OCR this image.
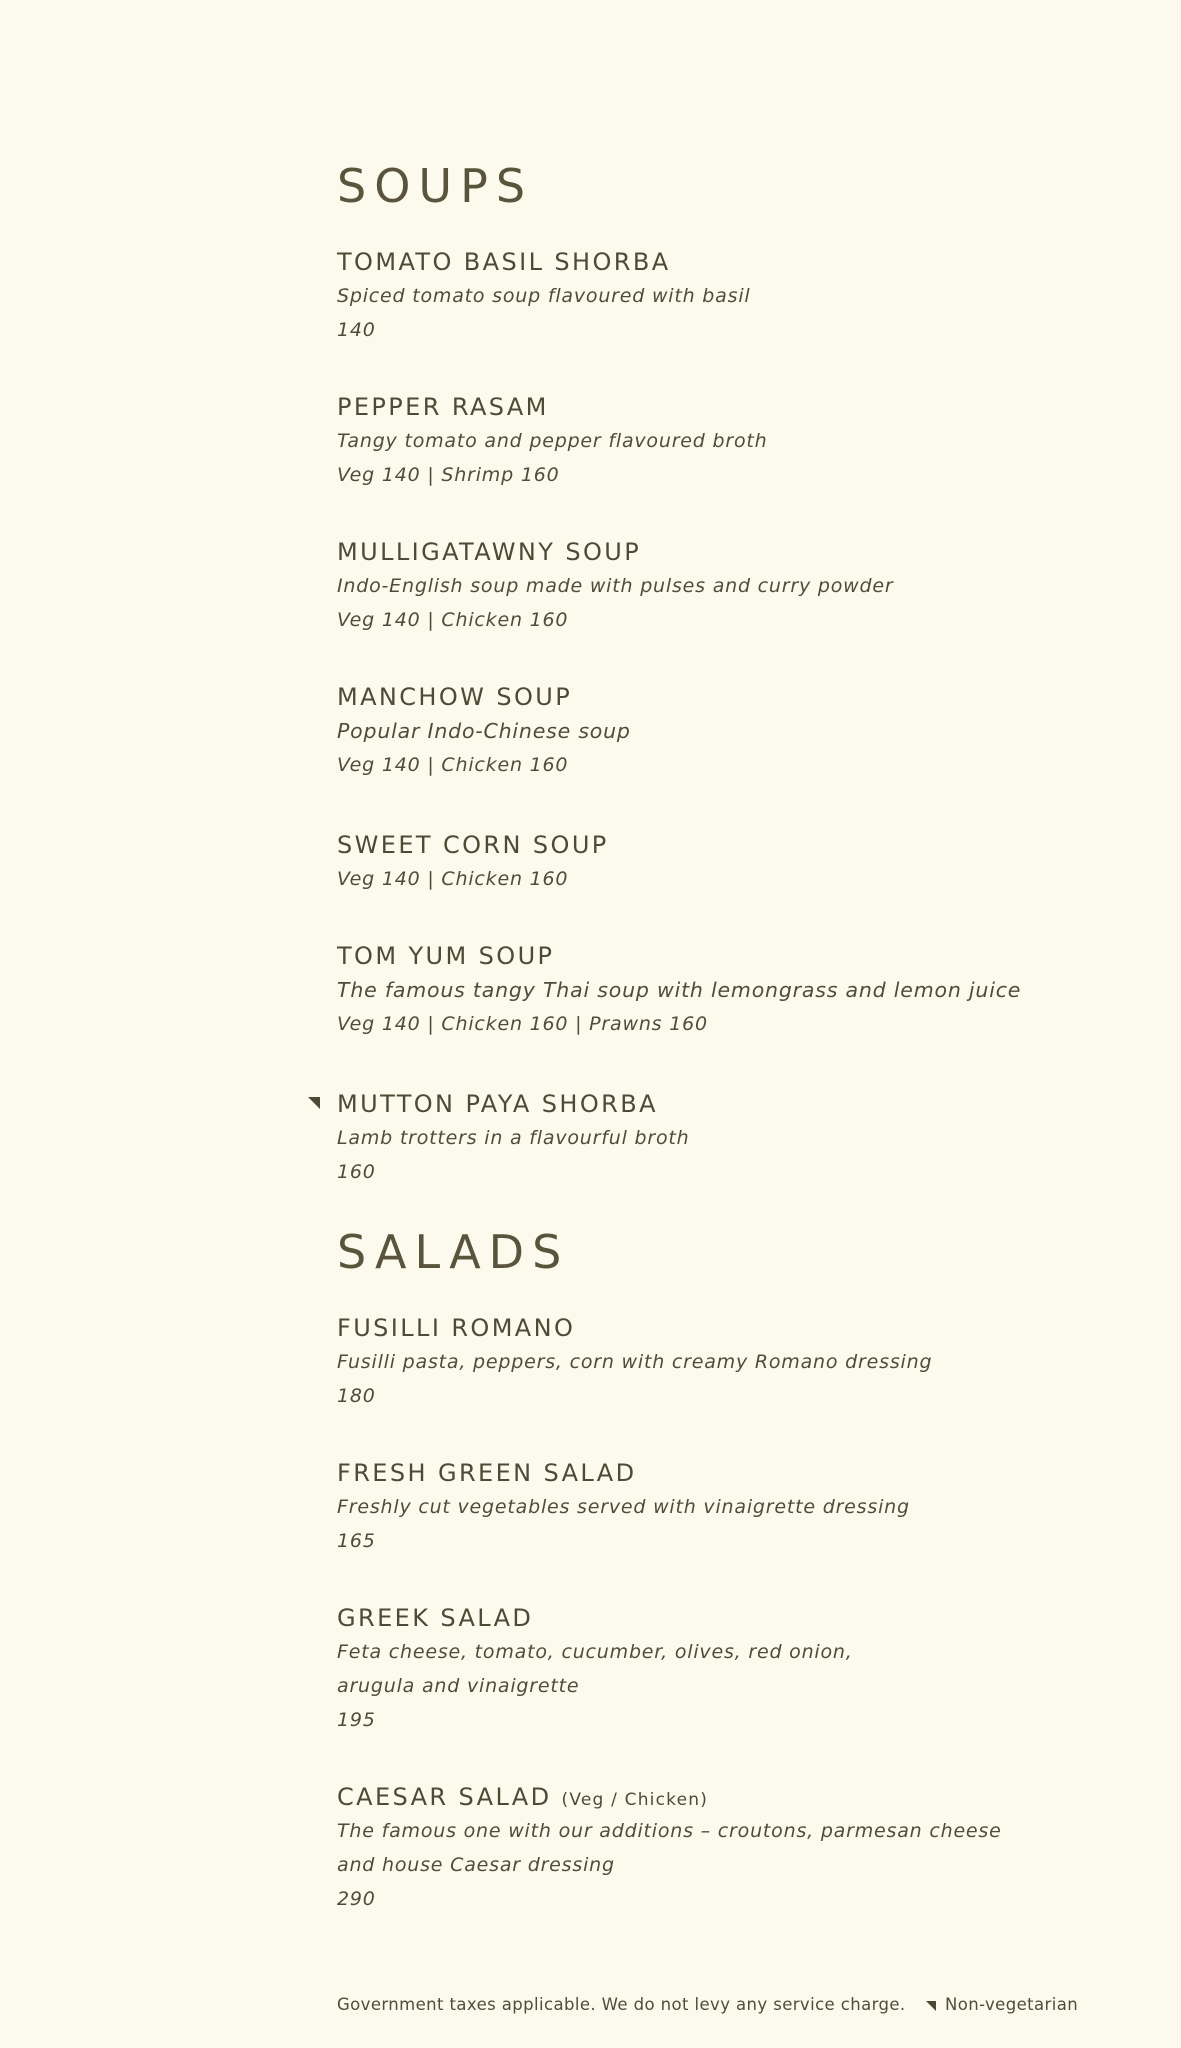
SOUPS
TOMATO BASIL SHORBA
Spiced tomato soup flavoured with basil
140
PEPPER RASAM
Tangy tomato and pepper flavoured broth
Veg 140 | Shrimp 160
MULLIGATAWNY SOUP
Indo-English soup made with pulses and curry powder
Veg 140 | Chicken 160
MANCHOW SOUP
Popular Indo-Chinese soup
Veg 140 | Chicken 160
SWEET CORN SOUP
Veg 140 | Chicken 160
TOM YUM SOUP
The famous tangy Thai soup with lemongrass and lemon juice
Veg 140 | Chicken 160 | Prawns 160
MUTTON PAYA SHORBA
Lamb trotters in a flavourful broth
160
SALADS
FUSILLI ROMANO
Fusilli pasta, peppers, corn with creamy Romano dressing
180
FRESH GREEN SALAD
Freshly cut vegetables served with vinaigrette dressing
165
GREEK SALAD
Feta cheese, tomato, cucumber, olives, red onion,
arugula and vinaigrette
195
CAESAR SALAD (Veg / Chicken)
The famous one with our additions – croutons, parmesan cheese
and house Caesar dressing
290
Government taxes applicable. We do not levy any service charge. Non-vegetarian
